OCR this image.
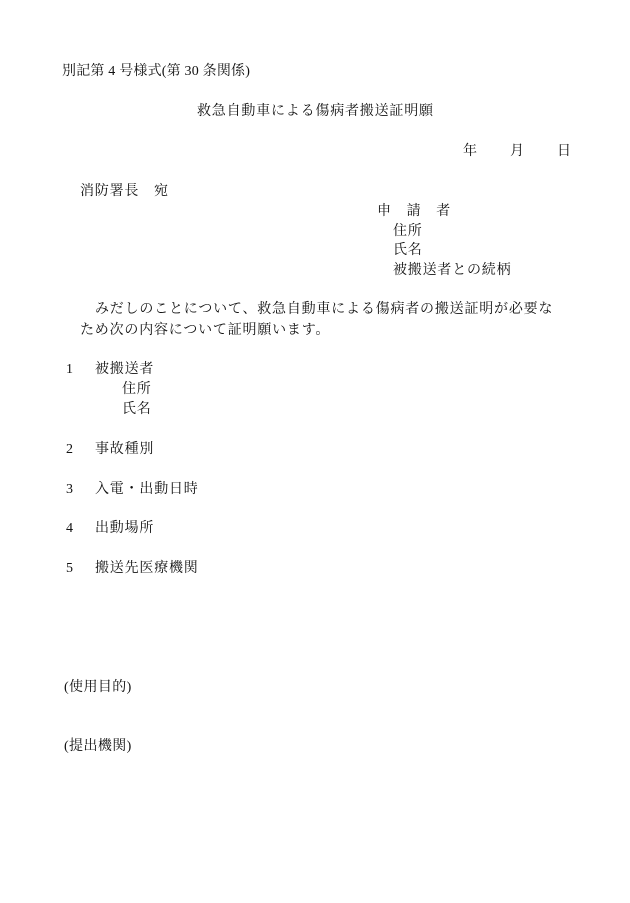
別記第 4 号様式(第 30 条関係)
救急自動車による傷病者搬送証明願
年 月 日
消防署長　宛
申　請　者
住所
氏名
被搬送者との続柄
みだしのことについて、救急自動車による傷病者の搬送証明が必要な
ため次の内容について証明願います。
1 被搬送者
住所
氏名
2 事故種別
3 入電・出動日時
4 出動場所
5 搬送先医療機関
(使用目的)
(提出機関)
